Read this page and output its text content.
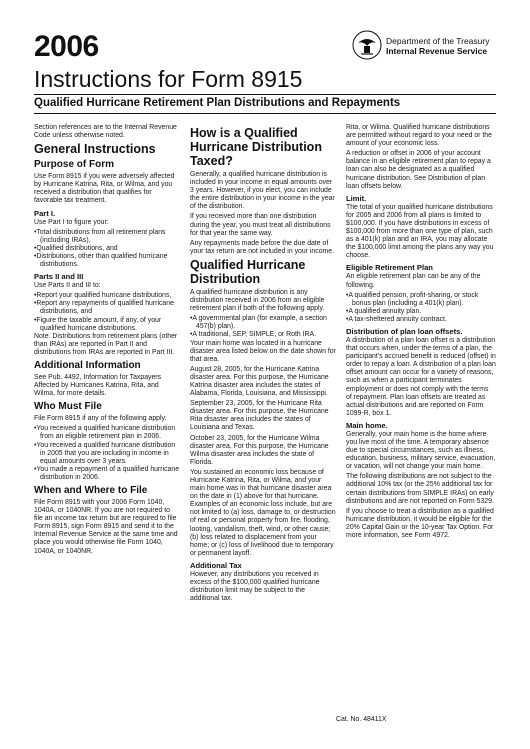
2006
Instructions for Form 8915
Qualified Hurricane Retirement Plan Distributions and Repayments
Department of the Treasury
Internal Revenue Service

Section references are to the Internal Revenue Code unless otherwise noted.

General Instructions
Purpose of Form

Use Form 8915 if you were adversely affected by Hurricane Katrina, Rita, or Wilma, and you received a distribution that qualifies for favorable tax treatment.

Part I.

Use Part I to figure your:

• Total distributions from all retirement plans (including IRAs),
• Qualified distributions, and
• Distributions, other than qualified hurricane distributions.
Parts II and III

Use Parts II and III to:

• Report your qualified hurricane distributions,
• Report any repayments of qualified hurricane distributions, and
• Figure the taxable amount, if any, of your qualified hurricane distributions.

Note. Distributions from retirement plans (other than IRAs) are reported in Part II and distributions from IRAs are reported in Part III.

Additional Information

See Pub. 4492, Information for Taxpayers Affected by Hurricanes Katrina, Rita, and Wilma, for more details.

Who Must File

File Form 8915 if any of the following apply.

• You received a qualified hurricane distribution from an eligible retirement plan in 2006.
• You received a qualified hurricane distribution in 2005 that you are including in income in equal amounts over 3 years.
• You made a repayment of a qualified hurricane distribution in 2006.
When and Where to File

File Form 8915 with your 2006 Form 1040, 1040A, or 1040NR. If you are not required to file an income tax return but are required to file Form 8915, sign Form 8915 and send it to the Internal Revenue Service at the same time and place you would otherwise file Form 1040, 1040A, or 1040NR.

How is a Qualified Hurricane Distribution Taxed?

Generally, a qualified hurricane distribution is included in your income in equal amounts over 3 years. However, if you elect, you can include the entire distribution in your income in the year of the distribution.

If you received more than one distribution during the year, you must treat all distributions for that year the same way.

Any repayments made before the due date of your tax return are not included in your income.

Qualified Hurricane Distribution

A qualified hurricane distribution is any distribution received in 2006 from an eligible retirement plan if both of the following apply.

• A governmental plan (for example, a section 457(b) plan).
• A traditional, SEP, SIMPLE, or Roth IRA.

Your main home was located in a hurricane disaster area listed below on the date shown for that area.

August 28, 2005, for the Hurricane Katrina disaster area. For this purpose, the Hurricane Katrina disaster area includes the states of Alabama, Florida, Louisiana, and Mississippi.

September 23, 2005, for the Hurricane Rita disaster area. For this purpose, the Hurricane Rita disaster area includes the states of Louisiana and Texas.

October 23, 2005, for the Hurricane Wilma disaster area. For this purpose, the Hurricane Wilma disaster area includes the state of Florida.

You sustained an economic loss because of Hurricane Katrina, Rita, or Wilma, and your main home was in that hurricane disaster area on the date in (1) above for that hurricane. Examples of an economic loss include, but are not limited to (a) loss, damage to, or destruction of real or personal property from fire, flooding, looting, vandalism, theft, wind, or other cause; (b) loss related to displacement from your home; or (c) loss of livelihood due to temporary or permanent layoff.

Additional Tax

However, any distributions you received in excess of the $100,000 qualified hurricane distribution limit may be subject to the additional tax.

Rita, or Wilma. Qualified hurricane distributions are permitted without regard to your need or the amount of your economic loss.

A reduction or offset in 2006 of your account balance in an eligible retirement plan to repay a loan can also be designated as a qualified hurricane distribution. See Distribution of plan loan offsets below.

Limit.

The total of your qualified hurricane distributions for 2005 and 2006 from all plans is limited to $100,000. If you have distributions in excess of $100,000 from more than one type of plan, such as a 401(k) plan and an IRA, you may allocate the $100,000 limit among the plans any way you choose.

Eligible Retirement Plan

An eligible retirement plan can be any of the following.

• A qualified pension, profit-sharing, or stock bonus plan (including a 401(k) plan).
• A qualified annuity plan.
• A tax-sheltered annuity contract.
Distribution of plan loan offsets.

A distribution of a plan loan offset is a distribution that occurs when, under the terms of a plan, the participant's accrued benefit is reduced (offset) in order to repay a loan. A distribution of a plan loan offset amount can occur for a variety of reasons, such as when a participant terminates employment or does not comply with the terms of repayment. Plan loan offsets are treated as actual distributions and are reported on Form 1099-R, box 1.

Main home.

Generally, your main home is the home where you live most of the time. A temporary absence due to special circumstances, such as illness, education, business, military service, evacuation, or vacation, will not change your main home.

The following distributions are not subject to the additional 10% tax (or the 25% additional tax for certain distributions from SIMPLE IRAs) on early distributions and are not reported on Form 5329.

If you choose to treat a distribution as a qualified hurricane distribution, it would be eligible for the 20% Capital Gain or the 10-year Tax Option. For more information, see Form 4972.

Cat. No. 48411X
